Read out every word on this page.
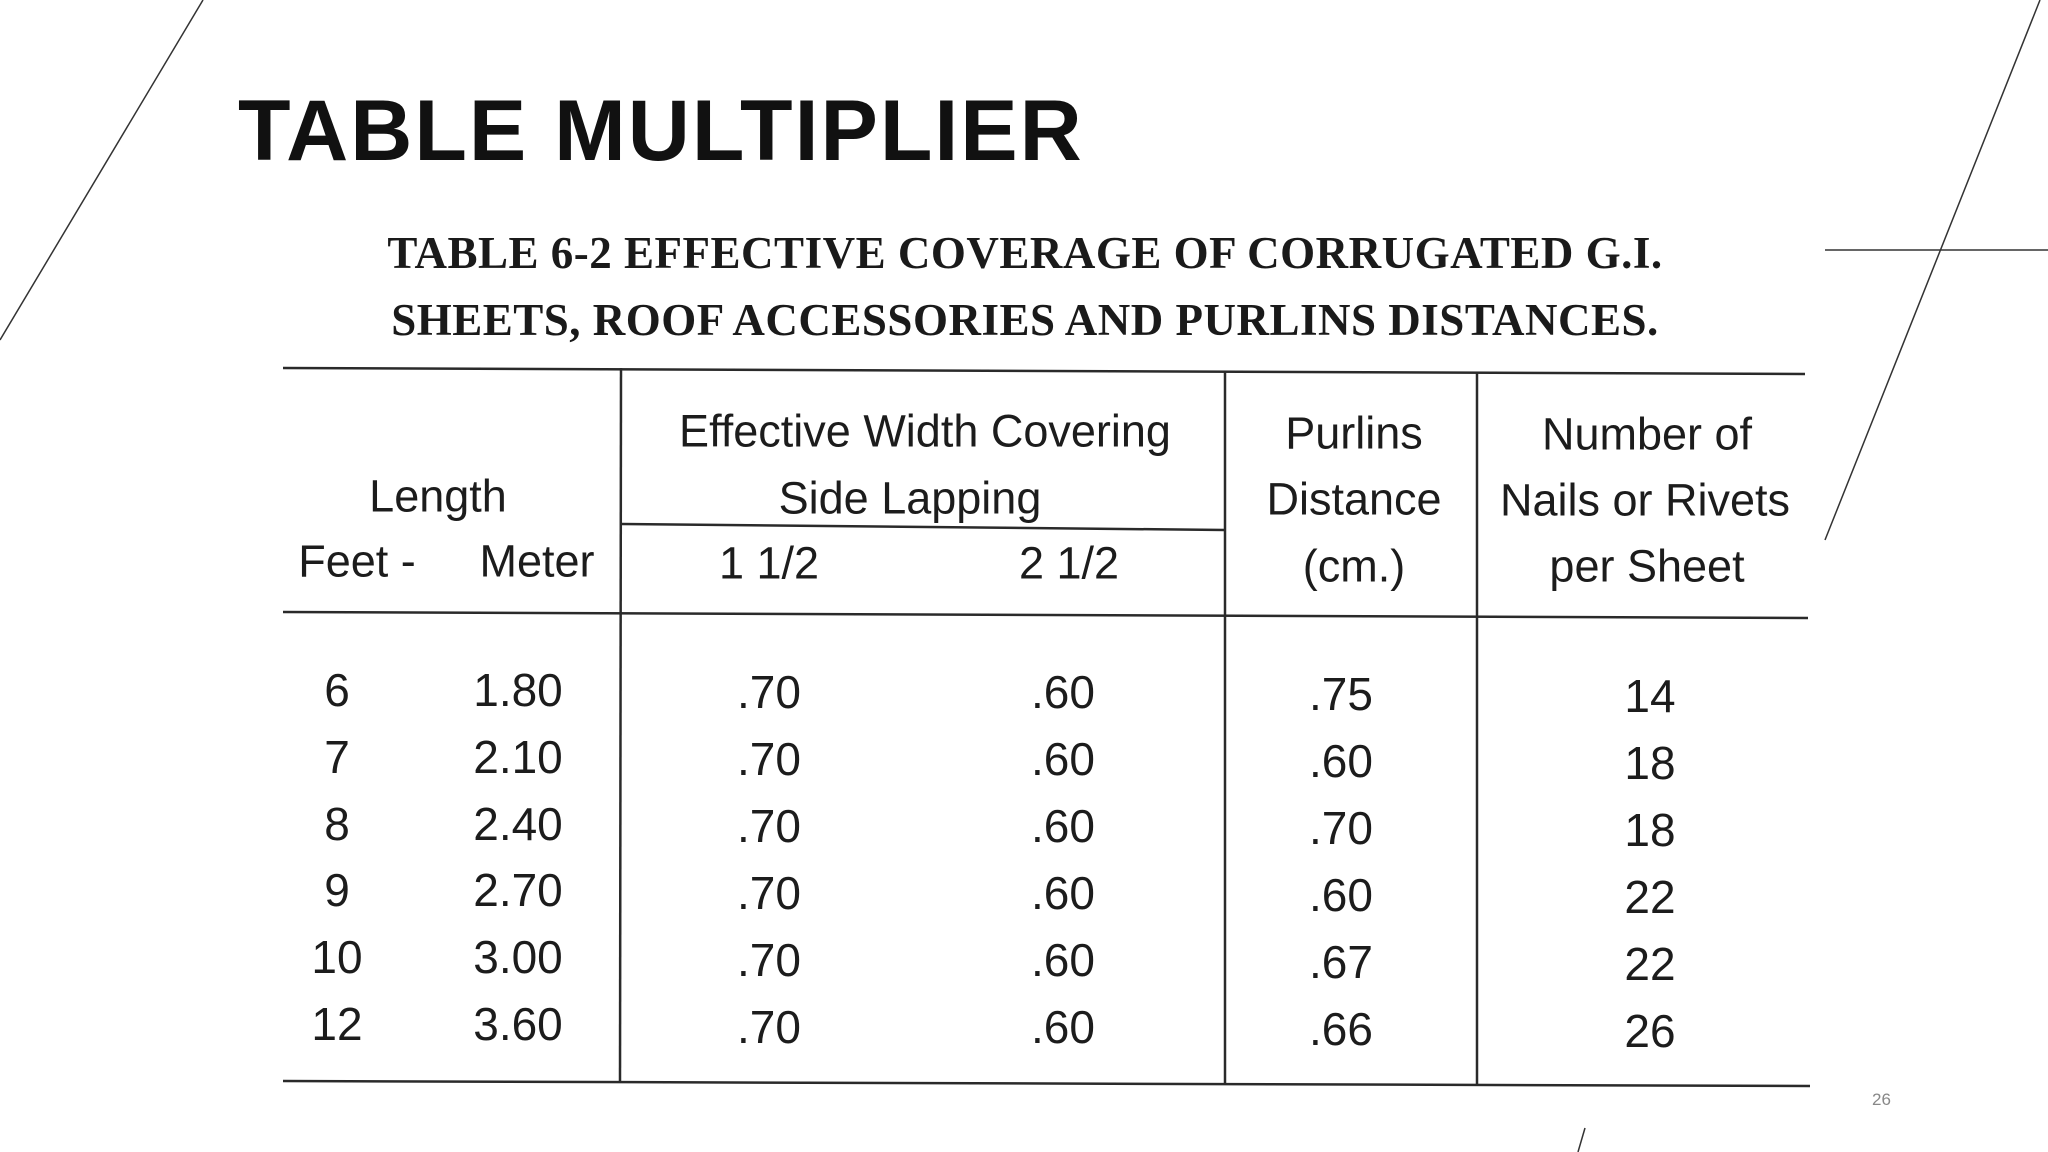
TABLE MULTIPLIER
TABLE 6-2 EFFECTIVE COVERAGE OF CORRUGATED G.I.
SHEETS, ROOF ACCESSORIES AND PURLINS DISTANCES.
Length
Feet - Meter
Effective Width Covering
Side Lapping
1 1/2	2 1/2
Purlins
Distance
(cm.)
Number of
Nails or Rivets
per Sheet
6	1.80	.70	.60	.75	14
7	2.10	.70	.60	.60	18
8	2.40	.70	.60	.70	18
9	2.70	.70	.60	.60	22
10 3.00	.70	.60	.67	22
12 3.60	.70	.60	.66	26
26
